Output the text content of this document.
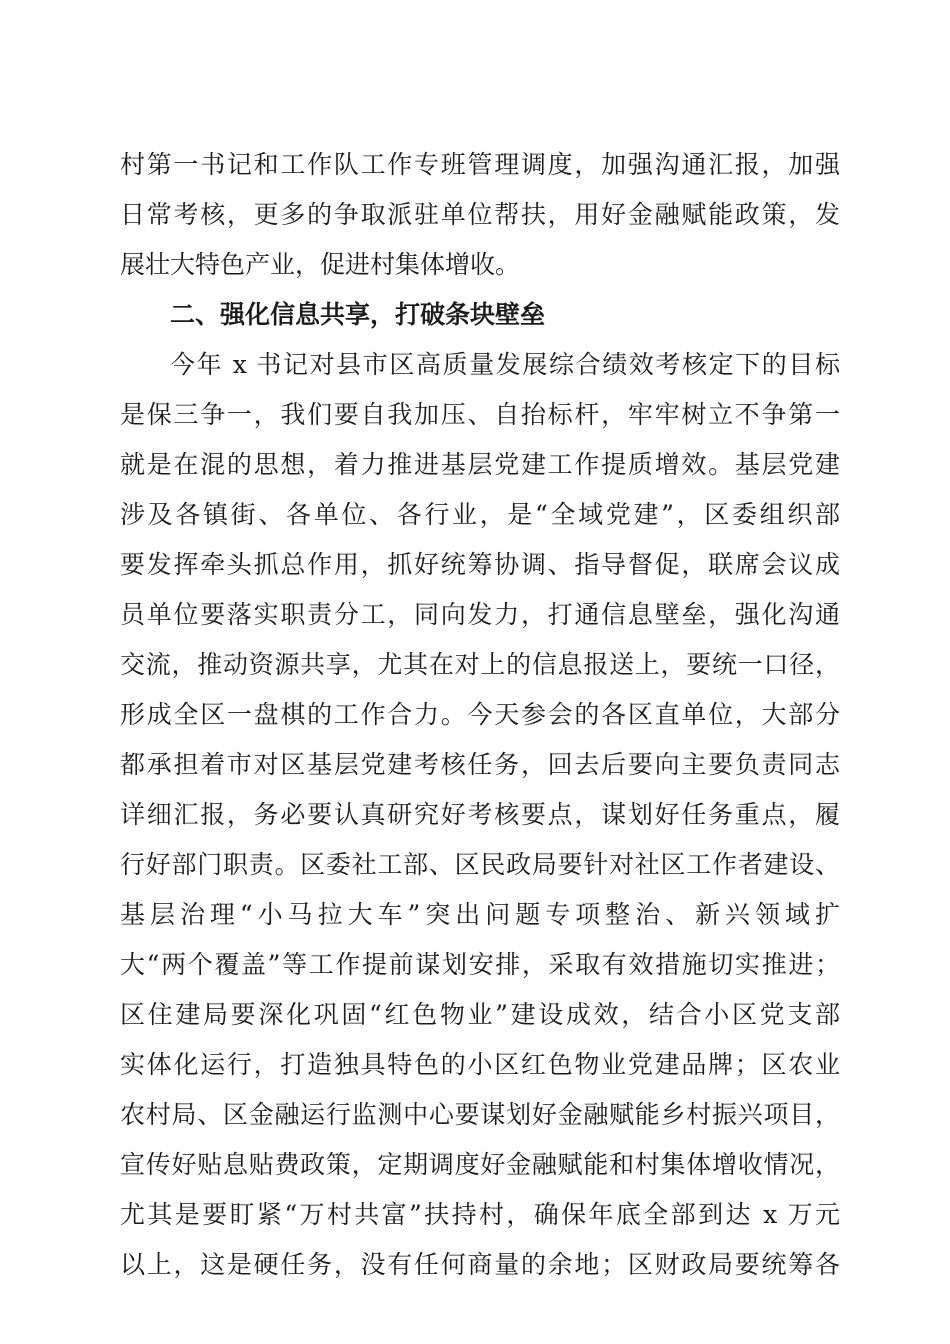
村第一书记和工作队工作专班管理调度，加强沟通汇报，加强
日常考核，更多的争取派驻单位帮扶，用好金融赋能政策，发
展壮大特色产业，促进村集体增收。
二、强化信息共享，打破条块壁垒
今年 x 书记对县市区高质量发展综合绩效考核定下的目标
是保三争一，我们要自我加压、自抬标杆，牢牢树立不争第一
就是在混的思想，着力推进基层党建工作提质增效。基层党建
涉及各镇街、各单位、各行业，是“全域党建”，区委组织部
要发挥牵头抓总作用，抓好统筹协调、指导督促，联席会议成
员单位要落实职责分工，同向发力，打通信息壁垒，强化沟通
交流，推动资源共享，尤其在对上的信息报送上，要统一口径，
形成全区一盘棋的工作合力。今天参会的各区直单位，大部分
都承担着市对区基层党建考核任务，回去后要向主要负责同志
详细汇报，务必要认真研究好考核要点，谋划好任务重点，履
行好部门职责。区委社工部、区民政局要针对社区工作者建设、
基层治理“小马拉大车”突出问题专项整治、新兴领域扩
大“两个覆盖”等工作提前谋划安排，采取有效措施切实推进；
区住建局要深化巩固“红色物业”建设成效，结合小区党支部
实体化运行，打造独具特色的小区红色物业党建品牌；区农业
农村局、区金融运行监测中心要谋划好金融赋能乡村振兴项目，
宣传好贴息贴费政策，定期调度好金融赋能和村集体增收情况，
尤其是要盯紧“万村共富”扶持村，确保年底全部到达 x 万元
以上，这是硬任务，没有任何商量的余地；区财政局要统筹各
